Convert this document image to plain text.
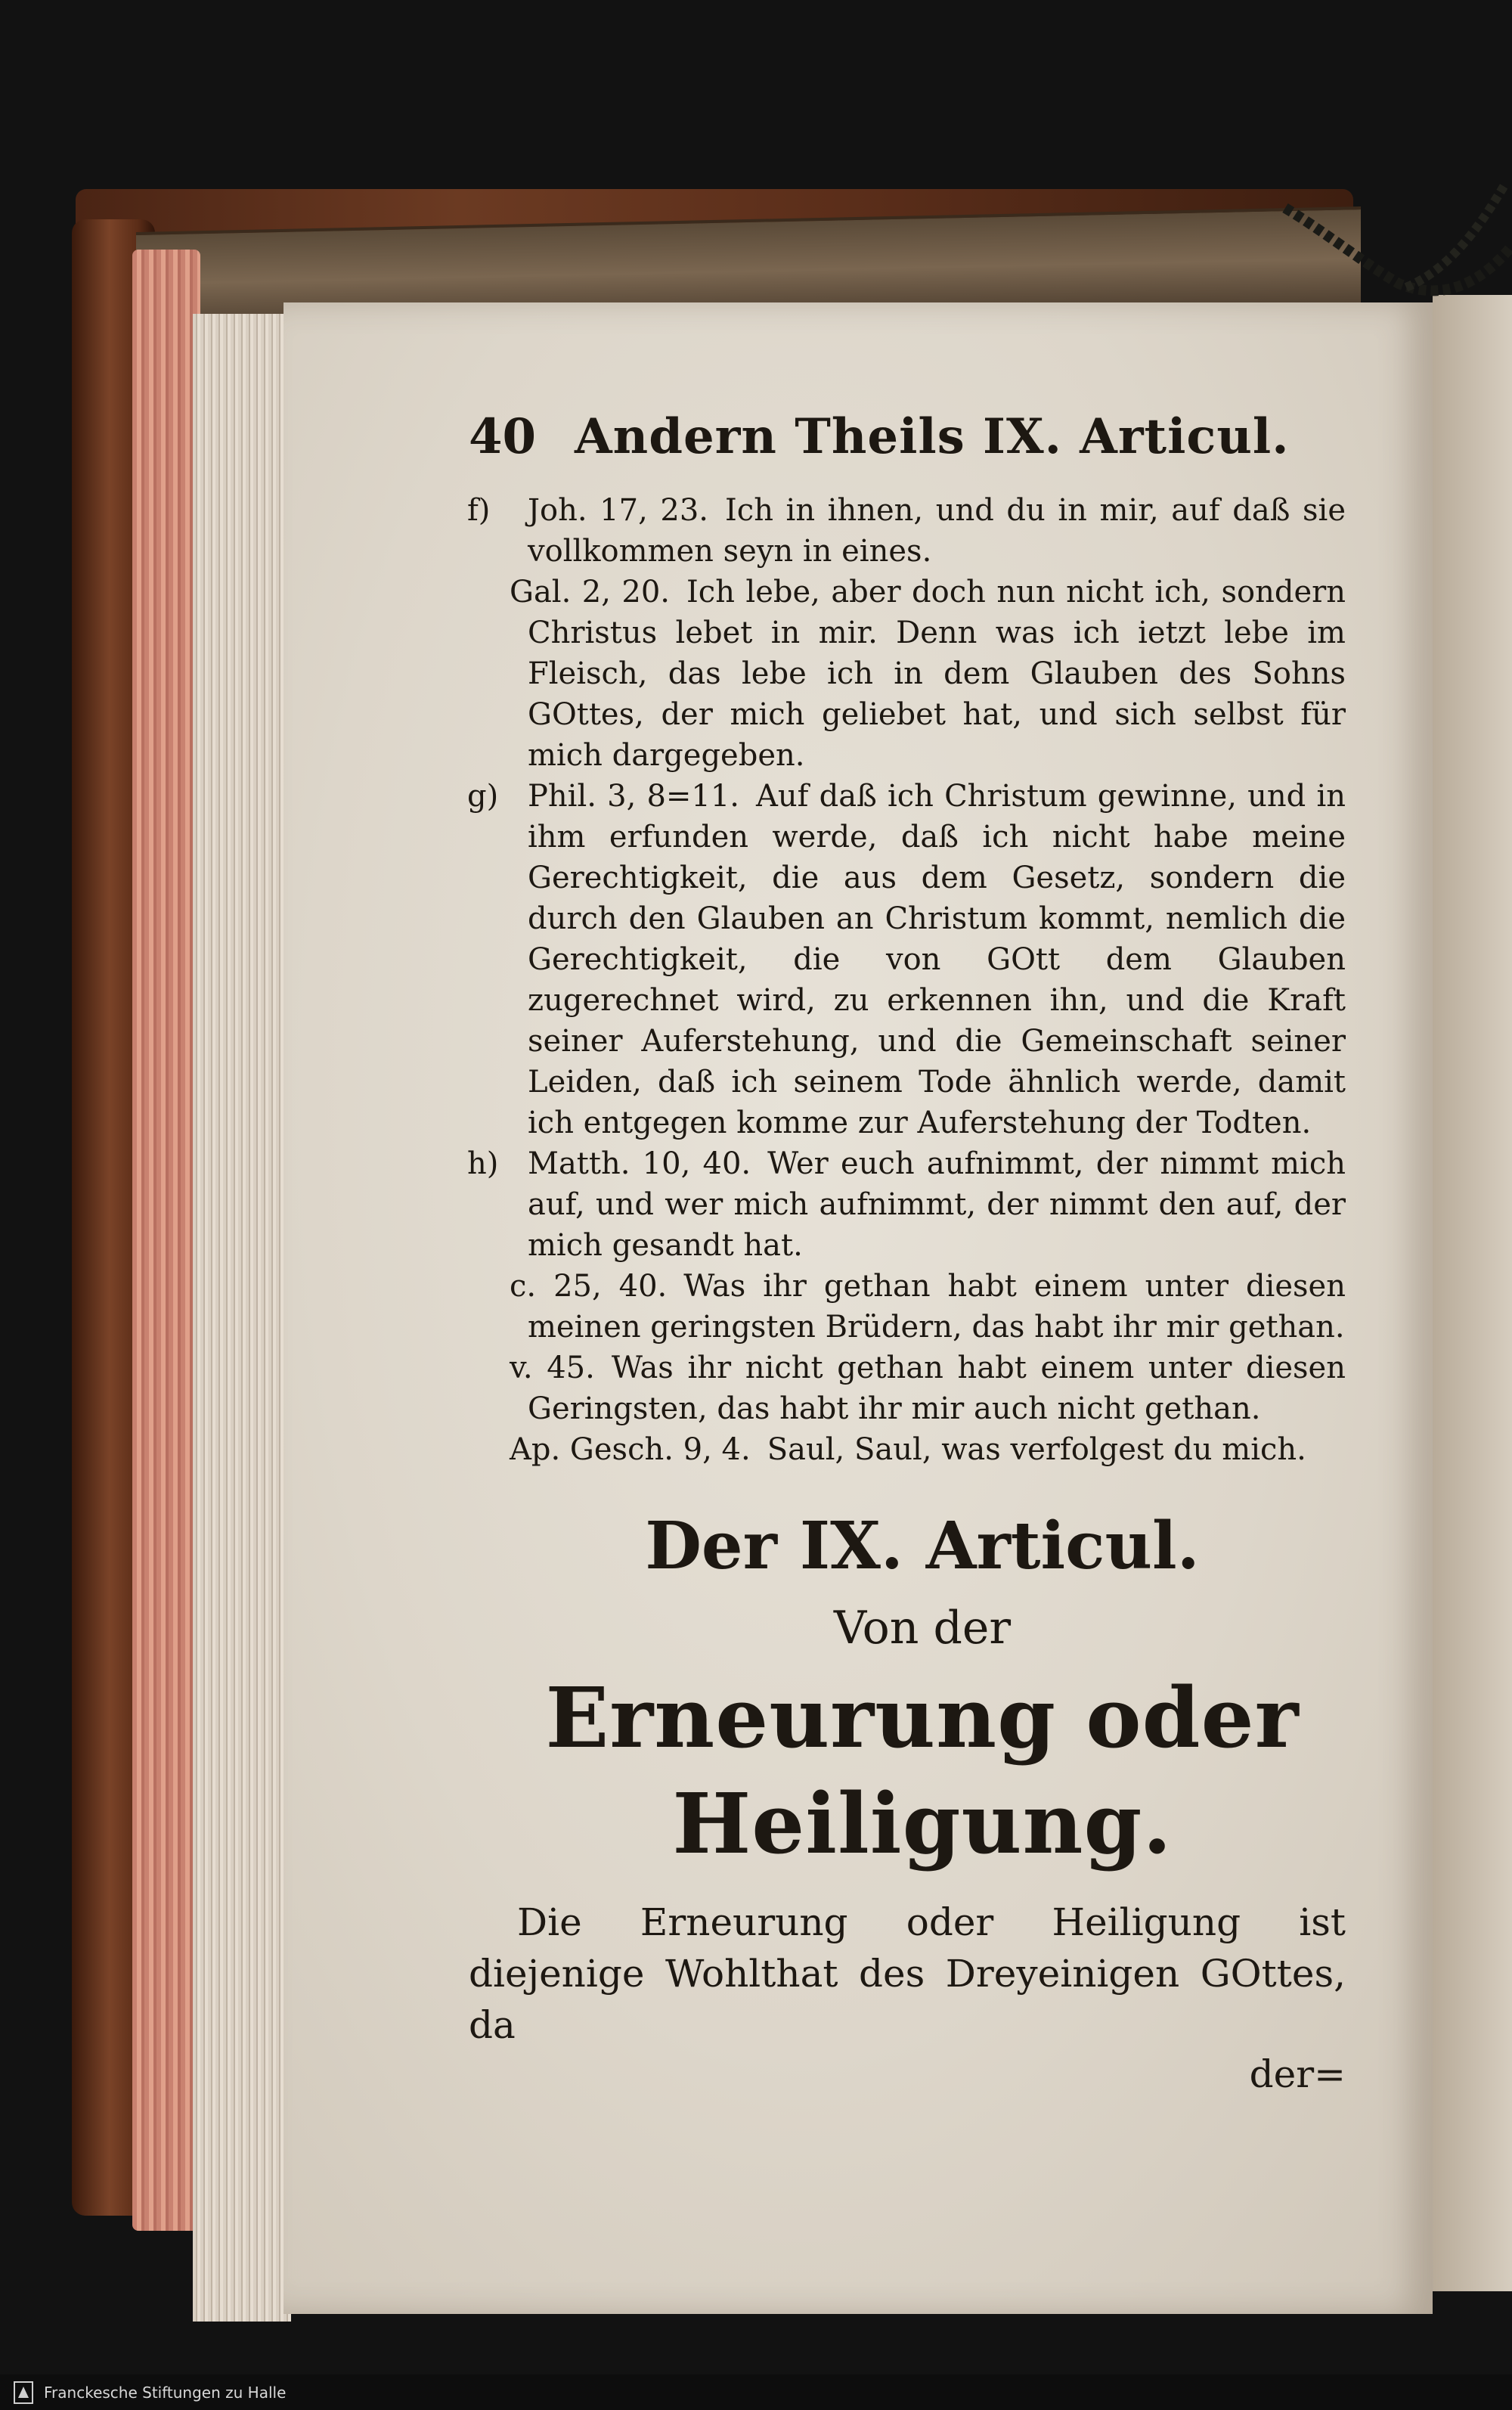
40 Andern Theils IX. Articul.
f)	Joh. 17, 23. Ich in ihnen, und du in mir, auf daß sie vollkommen seyn in eines.
Gal. 2, 20. Ich lebe, aber doch nun nicht ich, sondern Christus lebet in mir. Denn was ich ietzt lebe im Fleisch, das lebe ich in dem Glauben des Sohns GOttes, der mich geliebet hat, und sich selbst für mich dargegeben.
g) Phil. 3, 8=11. Auf daß ich Christum gewinne, und in ihm erfunden werde, daß ich nicht habe meine Gerechtigkeit, die aus dem Gesetz, sondern die durch den Glauben an Christum kommt, nemlich die Gerechtigkeit, die von GOtt dem Glauben zugerechnet wird, zu erkennen ihn, und die Kraft seiner Auferstehung, und die Gemeinschaft seiner Leiden, daß ich seinem Tode ähnlich werde, damit ich entgegen komme zur Auferstehung der Todten.
h) Matth. 10, 40. Wer euch aufnimmt, der nimmt mich auf, und wer mich aufnimmt, der nimmt den auf, der mich gesandt hat.
c. 25, 40. Was ihr gethan habt einem unter diesen meinen geringsten Brüdern, das habt ihr mir gethan.
v. 45. Was ihr nicht gethan habt einem unter diesen Geringsten, das habt ihr mir auch nicht gethan.
Ap. Gesch. 9, 4. Saul, Saul, was verfolgest du mich.
Der IX. Articul.
Von der
Erneurung oder Heiligung.
Die Erneurung oder Heiligung ist diejenige Wohlthat des Dreyeinigen GOttes, da
der=
Franckesche Stiftungen zu Halle
